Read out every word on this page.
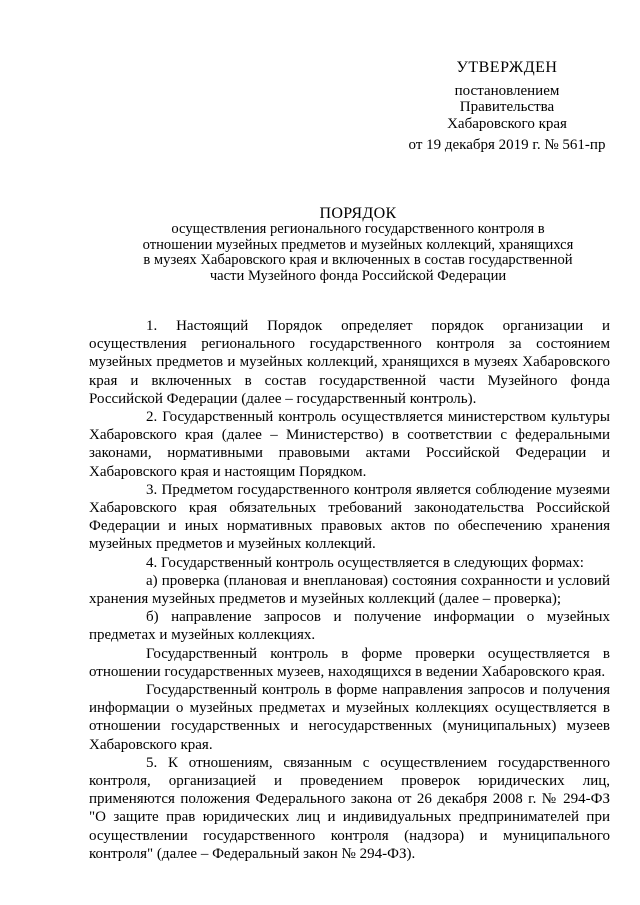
УТВЕРЖДЕН
постановлением
Правительства
Хабаровского края
от 19 декабря 2019 г. № 561-пр
ПОРЯДОК
осуществления регионального государственного контроля в отношении музейных предметов и музейных коллекций, хранящихся в музеях Хабаровского края и включенных в состав государственной части Музейного фонда Российской Федерации

1. Настоящий Порядок определяет порядок организации и осуществления регионального государственного контроля за состоянием музейных предметов и музейных коллекций, хранящихся в музеях Хабаровского края и включенных в состав государственной части Музейного фонда Российской Федерации (далее – государственный контроль).

2. Государственный контроль осуществляется министерством культуры Хабаровского края (далее – Министерство) в соответствии с федеральными законами, нормативными правовыми актами Российской Федерации и Хабаровского края и настоящим Порядком.

3. Предметом государственного контроля является соблюдение музеями Хабаровского края обязательных требований законодательства Российской Федерации и иных нормативных правовых актов по обеспечению хранения музейных предметов и музейных коллекций.

4. Государственный контроль осуществляется в следующих формах:

а) проверка (плановая и внеплановая) состояния сохранности и условий хранения музейных предметов и музейных коллекций (далее – проверка);

б) направление запросов и получение информации о музейных предметах и музейных коллекциях.

Государственный контроль в форме проверки осуществляется в отношении государственных музеев, находящихся в ведении Хабаровского края.

Государственный контроль в форме направления запросов и получения информации о музейных предметах и музейных коллекциях осуществляется в отношении государственных и негосударственных (муниципальных) музеев Хабаровского края.

5. К отношениям, связанным с осуществлением государственного контроля, организацией и проведением проверок юридических лиц, применяются положения Федерального закона от 26 декабря 2008 г. № 294-ФЗ "О защите прав юридических лиц и индивидуальных предпринимателей при осуществлении государственного контроля (надзора) и муниципального контроля" (далее – Федеральный закон № 294-ФЗ).
